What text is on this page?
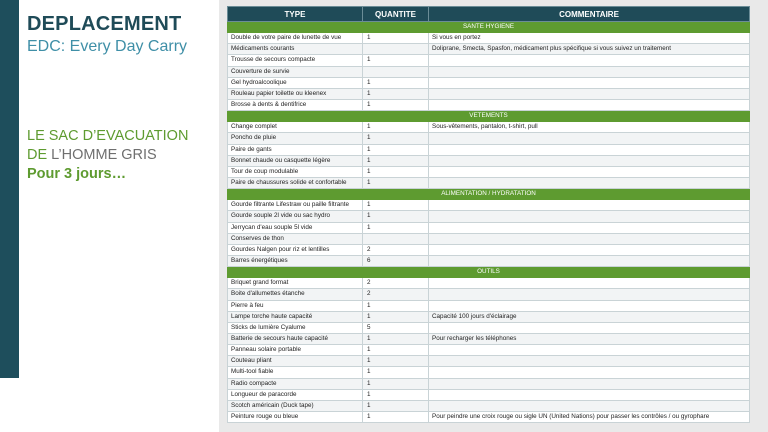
DEPLACEMENT
EDC: Every Day Carry
LE SAC D’EVACUATION
DE L’HOMME GRIS
Pour 3 jours…
TYPE	QUANTITE	COMMENTAIRE
SANTE HYGIENE		
Double de votre paire de lunette de vue	1	Si vous en portez
Médicaments courants		Doliprane, Smecta, Spasfon, médicament plus spécifique si vous suivez un traitement
Trousse de secours compacte	1	
Couverture de survie		
Gel hydroalcoolique	1	
Rouleau papier toilette ou kleenex	1	
Brosse à dents & dentifrice	1	
VETEMENTS		
Change complet	1	Sous-vêtements, pantalon, t-shirt, pull
Poncho de pluie	1	
Paire de gants	1	
Bonnet chaude ou casquette légère	1	
Tour de coup modulable	1	
Paire de chaussures solide et confortable	1	
ALIMENTATION / HYDRATATION		
Gourde filtrante Lifestraw ou paille filtrante	1	
Gourde souple 2l vide ou sac hydro	1	
Jerrycan d'eau souple 5l vide	1	
Conserves de thon		
Gourdes Nalgen pour riz et lentilles	2	
Barres énergétiques	6	
OUTILS		
Briquet grand format	2	
Boite d'allumettes étanche	2	
Pierre à feu	1	
Lampe torche haute capacité	1	Capacité 100 jours d'éclairage
Sticks de lumière Cyalume	5	
Batterie de secours haute capacité	1	Pour recharger les téléphones
Panneau solaire portable	1	
Couteau pliant	1	
Multi-tool fiable	1	
Radio compacte	1	
Longueur de paracorde	1	
Scotch américain (Duck tape)	1	
Peinture rouge ou bleue	1	Pour peindre une croix rouge ou sigle UN (United Nations) pour passer les contrôles / ou gyrophare
